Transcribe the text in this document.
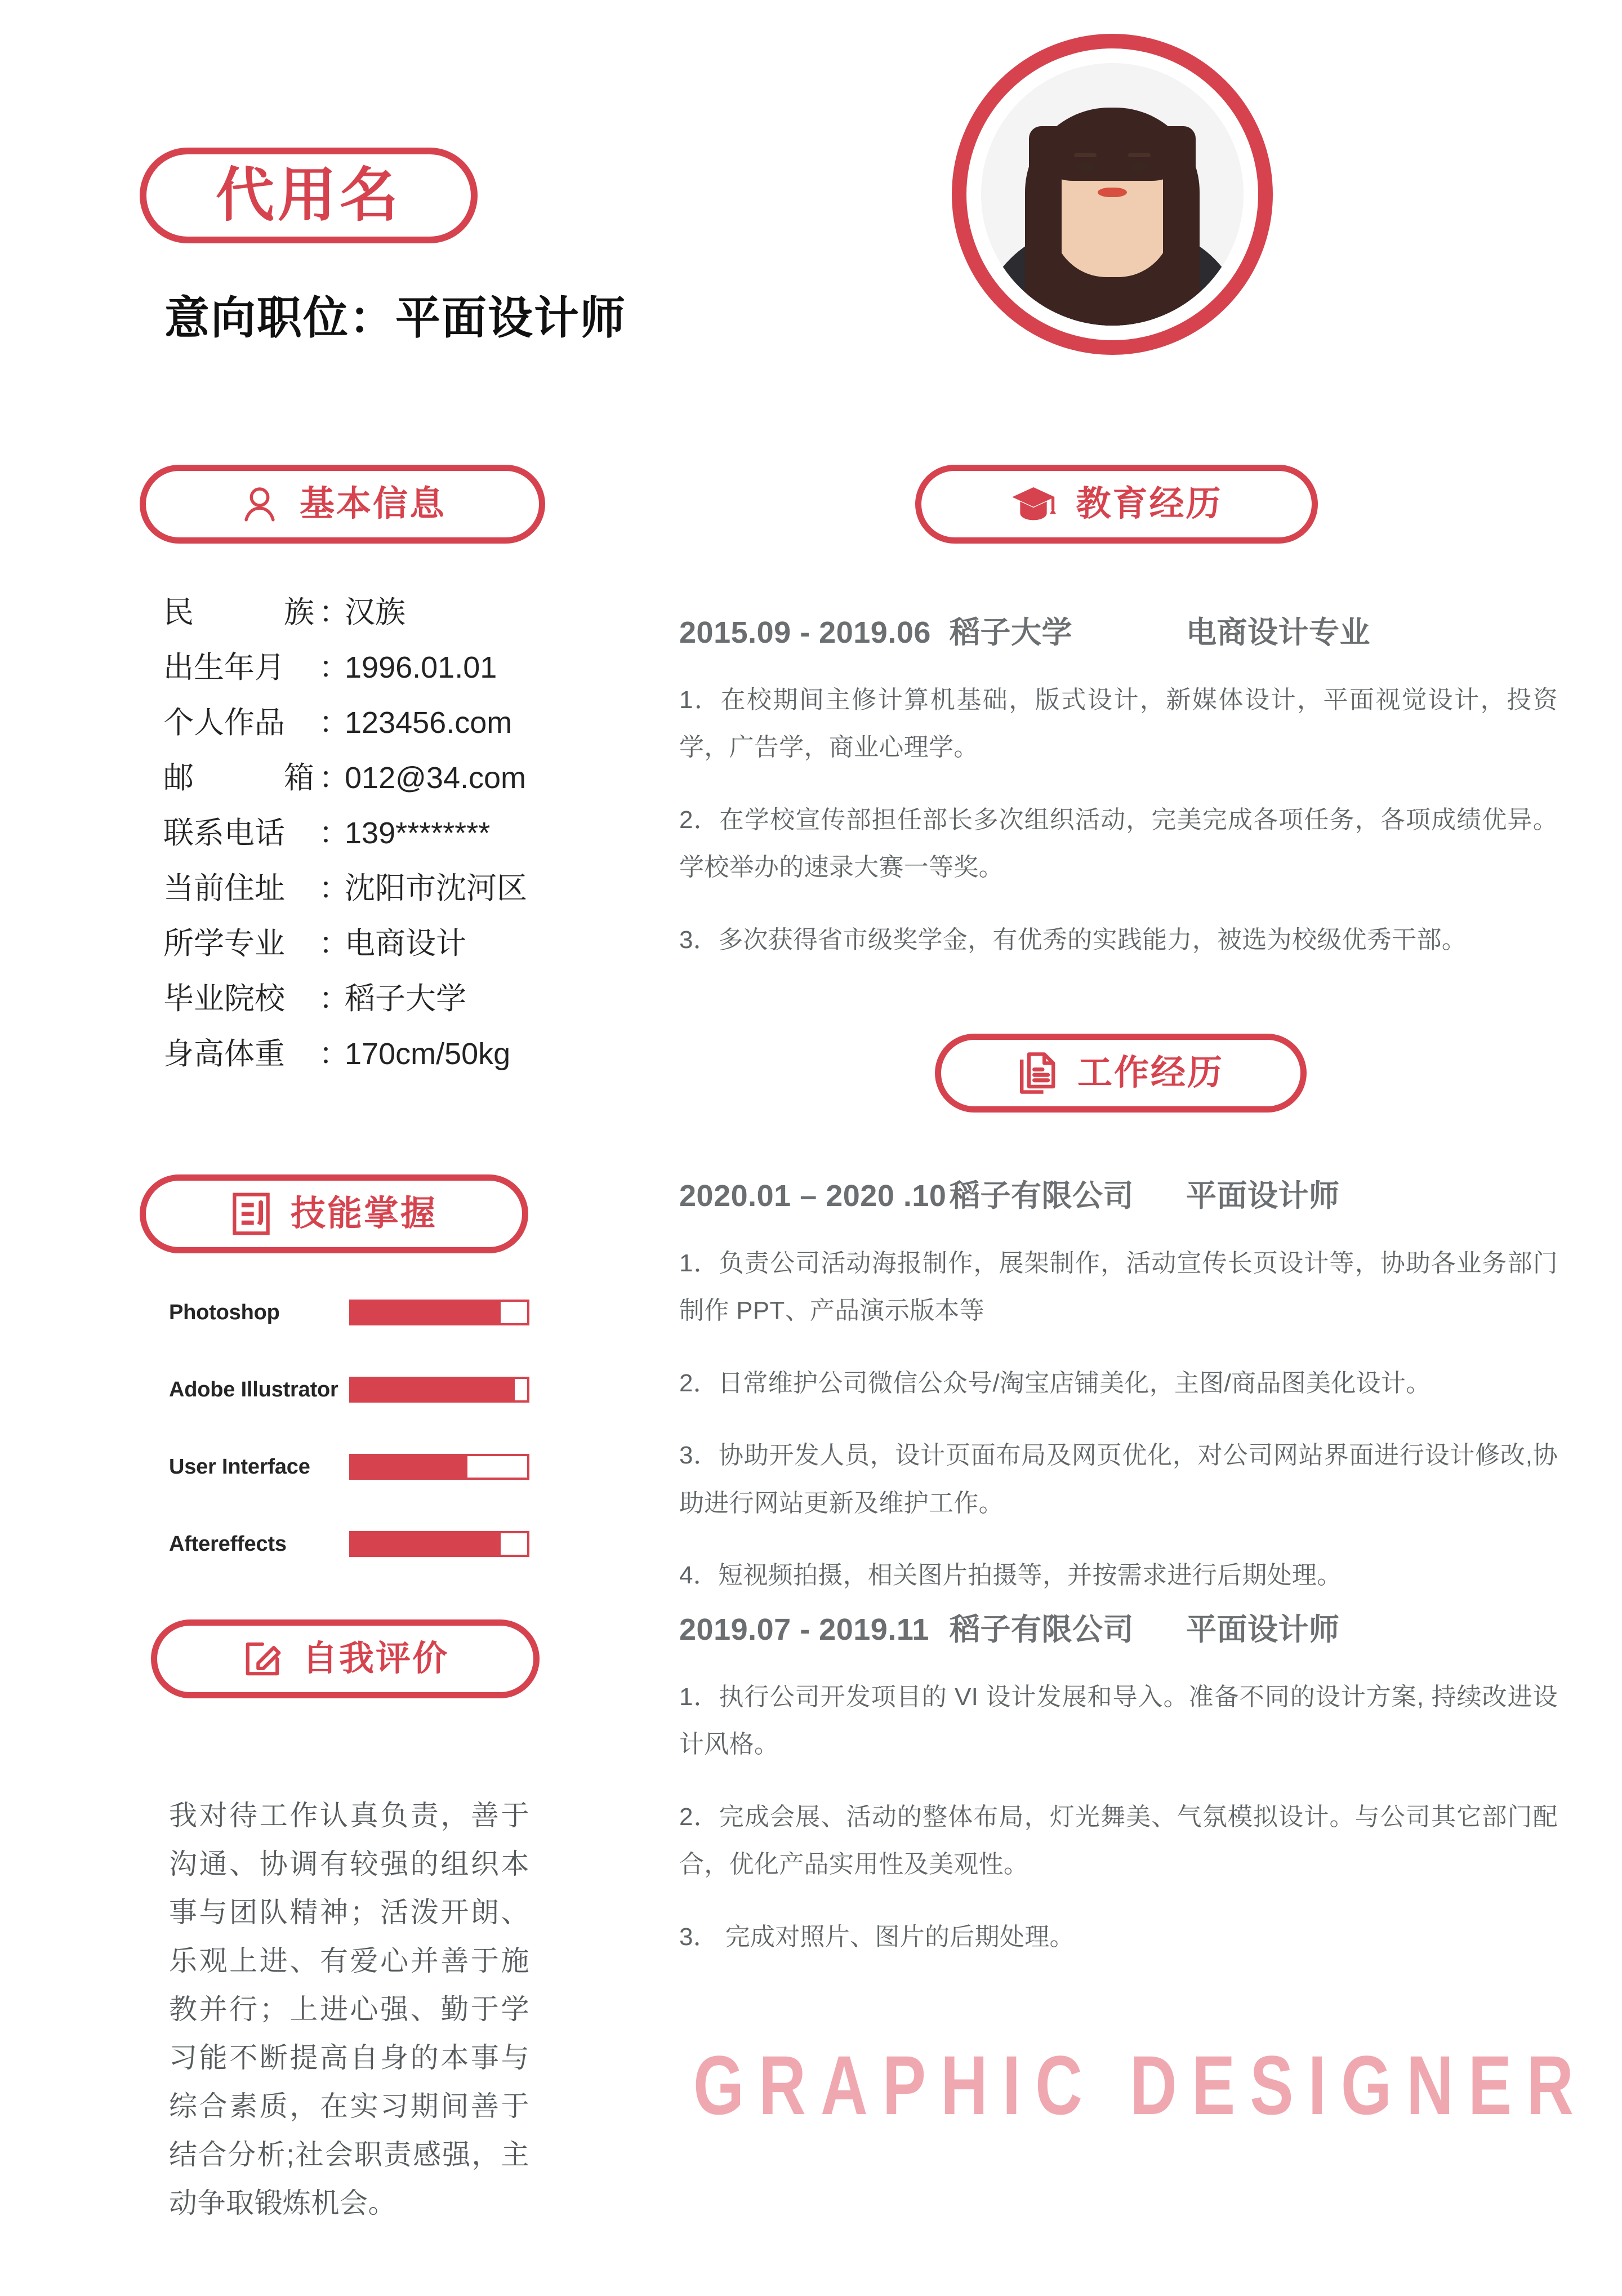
代用名
意向职位：平面设计师
基本信息
民	族 ：
汉族
出生年月	：
1996.01.01
个人作品	：
123456.com
邮	箱 ：
012@34.com
联系电话	：
139********
当前住址	：
沈阳市沈河区
所学专业	：
电商设计
毕业院校	：
稻子大学
身高体重	：
170cm/50kg
技能掌握
Photoshop
Adobe Illustrator
User Interface
Aftereffects
自我评价
我对待工作认真负责，善于沟通、协调有较强的组织本事与团队精神；活泼开朗、乐观上进、有爱心并善于施教并行；上进心强、勤于学习能不断提高自身的本事与综合素质，在实习期间善于结合分析;社会职责感强，主动争取锻炼机会。
教育经历
2015.09 - 2019.06 稻子大学	电商设计专业

1．在校期间主修计算机基础，版式设计，新媒体设计，平面视觉设计，投资学，广告学，商业心理学。

2．在学校宣传部担任部长多次组织活动，完美完成各项任务，各项成绩优异。学校举办的速录大赛一等奖。

3．多次获得省市级奖学金，有优秀的实践能力，被选为校级优秀干部。

工作经历
2020.01 – 2020 .10 稻子有限公司	平面设计师

1．负责公司活动海报制作，展架制作，活动宣传长页设计等，协助各业务部门制作 PPT、产品演示版本等

2．日常维护公司微信公众号/淘宝店铺美化，主图/商品图美化设计。

3．协助开发人员，设计页面布局及网页优化，对公司网站界面进行设计修改,协助进行网站更新及维护工作。

4．短视频拍摄，相关图片拍摄等，并按需求进行后期处理。

2019.07 - 2019.11 稻子有限公司	平面设计师

1．执行公司开发项目的 VI 设计发展和导入。准备不同的设计方案, 持续改进设计风格。

2．完成会展、活动的整体布局，灯光舞美、气氛模拟设计。与公司其它部门配合，优化产品实用性及美观性。

3． 完成对照片、图片的后期处理。

GRAPHIC DESIGNER
